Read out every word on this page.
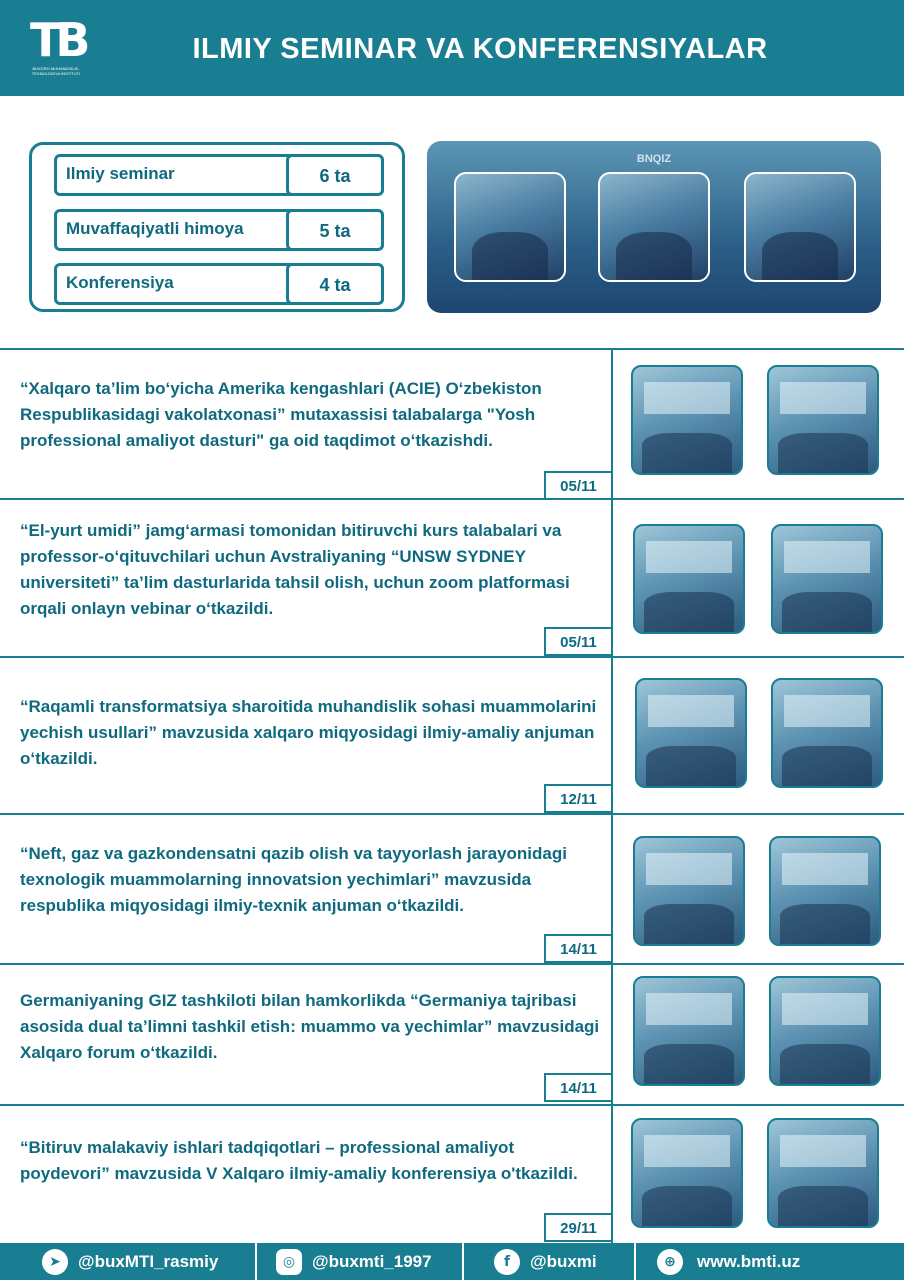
TB
BUXORO MUHANDISLIK-TEXNOLOGIYA INSTITUTI
ILMIY SEMINAR VA KONFERENSIYALAR
Ilmiy seminar	6 ta
Muvaffaqiyatli himoya	5 ta
Konferensiya	4 ta
BNQIZ
“Xalqaro ta’lim bo‘yicha Amerika kengashlari (ACIE) O‘zbekiston Respublikasidagi vakolatxonasi” mutaxassisi talabalarga "Yosh professional amaliyot dasturi" ga oid taqdimot o‘tkazishdi.
05/11
“El-yurt umidi” jamg‘armasi tomonidan bitiruvchi kurs talabalari va professor-o‘qituvchilari uchun Avstraliyaning “UNSW SYDNEY universiteti” ta’lim dasturlarida tahsil olish, uchun zoom platformasi orqali onlayn vebinar o‘tkazildi.
05/11
“Raqamli transformatsiya sharoitida muhandislik sohasi muammolarini yechish usullari” mavzusida xalqaro miqyosidagi ilmiy-amaliy anjuman o‘tkazildi.
12/11
“Neft, gaz va gazkondensatni qazib olish va tayyorlash jarayonidagi texnologik muammolarning innovatsion yechimlari” mavzusida respublika miqyosidagi ilmiy-texnik anjuman o‘tkazildi.
14/11
Germaniyaning GIZ tashkiloti bilan hamkorlikda “Germaniya tajribasi asosida dual ta’limni tashkil etish: muammo va yechimlar” mavzusidagi Xalqaro forum o‘tkazildi.
14/11
“Bitiruv malakaviy ishlari tadqiqotlari – professional amaliyot poydevori” mavzusida V Xalqaro ilmiy-amaliy konferensiya o'tkazildi.
29/11
➤	@buxMTI_rasmiy	◎ @buxmti_1997	f	@buxmi	⊕	www.bmti.uz
